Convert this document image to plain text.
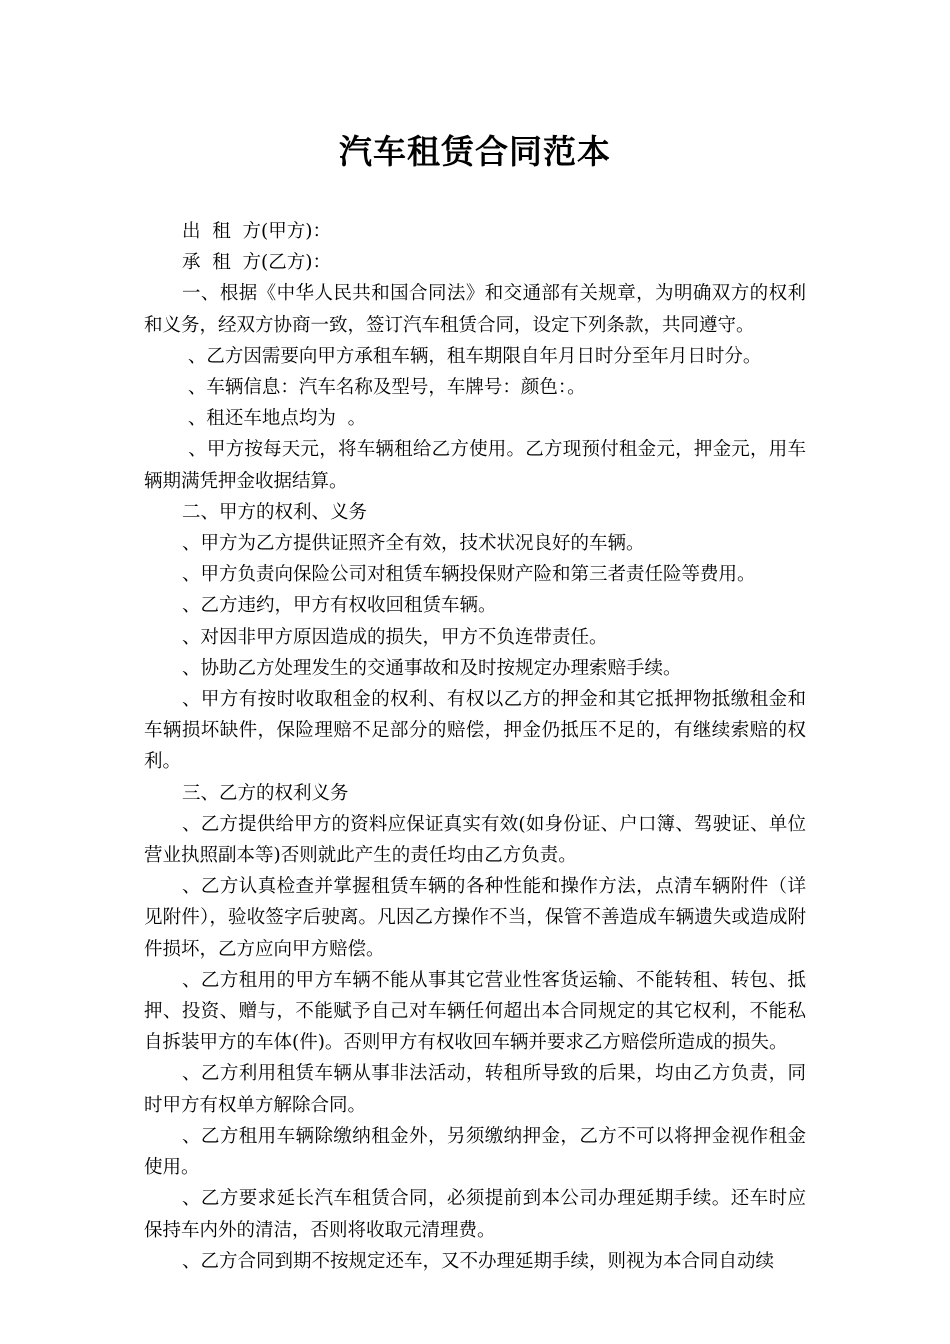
汽车租赁合同范本

出  租  方(甲方)：

承  租  方(乙方)：

一、根据《中华人民共和国合同法》和交通部有关规章，为明确双方的权利和义务，经双方协商一致，签订汽车租赁合同，设定下列条款，共同遵守。

、乙方因需要向甲方承租车辆，租车期限自年月日时分至年月日时分。

、车辆信息：汽车名称及型号，车牌号：颜色：。

、租还车地点均为  。

、甲方按每天元，将车辆租给乙方使用。乙方现预付租金元，押金元，用车辆期满凭押金收据结算。

二、甲方的权利、义务

、甲方为乙方提供证照齐全有效，技术状况良好的车辆。

、甲方负责向保险公司对租赁车辆投保财产险和第三者责任险等费用。

、乙方违约，甲方有权收回租赁车辆。

、对因非甲方原因造成的损失，甲方不负连带责任。

、协助乙方处理发生的交通事故和及时按规定办理索赔手续。

、甲方有按时收取租金的权利、有权以乙方的押金和其它抵押物抵缴租金和车辆损坏缺件，保险理赔不足部分的赔偿，押金仍抵压不足的，有继续索赔的权利。

三、乙方的权利义务

、乙方提供给甲方的资料应保证真实有效(如身份证、户口簿、驾驶证、单位营业执照副本等)否则就此产生的责任均由乙方负责。

、乙方认真检查并掌握租赁车辆的各种性能和操作方法，点清车辆附件（详见附件），验收签字后驶离。凡因乙方操作不当，保管不善造成车辆遗失或造成附件损坏，乙方应向甲方赔偿。

、乙方租用的甲方车辆不能从事其它营业性客货运输、不能转租、转包、抵押、投资、赠与，不能赋予自己对车辆任何超出本合同规定的其它权利，不能私自拆装甲方的车体(件)。否则甲方有权收回车辆并要求乙方赔偿所造成的损失。

、乙方利用租赁车辆从事非法活动，转租所导致的后果，均由乙方负责，同时甲方有权单方解除合同。

、乙方租用车辆除缴纳租金外，另须缴纳押金，乙方不可以将押金视作租金使用。

、乙方要求延长汽车租赁合同，必须提前到本公司办理延期手续。还车时应保持车内外的清洁，否则将收取元清理费。

、乙方合同到期不按规定还车，又不办理延期手续，则视为本合同自动续
